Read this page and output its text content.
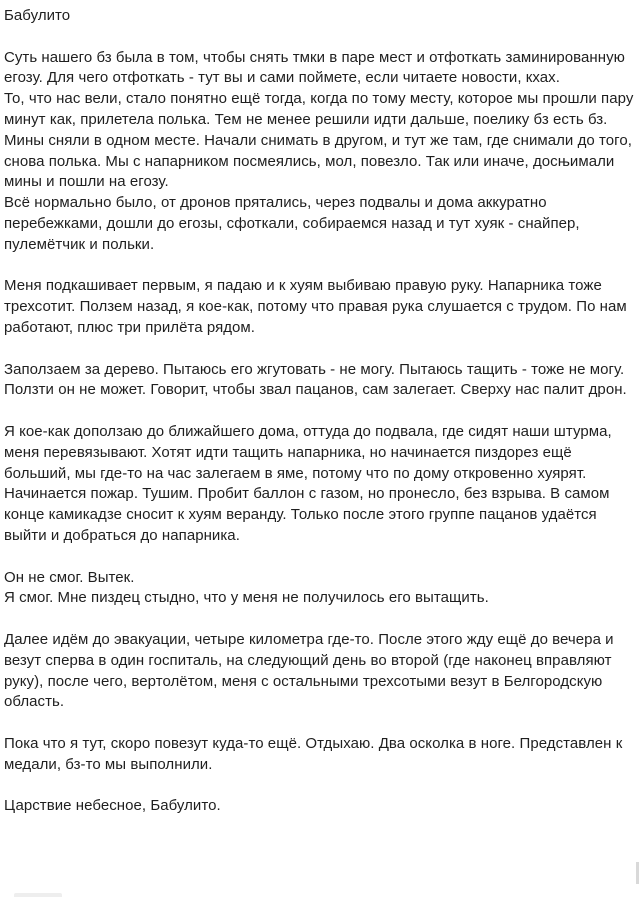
Бабулито

Суть нашего бз была в том, чтобы снять тмки в паре мест и отфоткать заминированную егозу. Для чего отфоткать - тут вы и сами поймете, если читаете новости, кхах.

То, что нас вели, стало понятно ещё тогда, когда по тому месту, которое мы прошли пару минут как, прилетела полька. Тем не менее решили идти дальше, поелику бз есть бз.

Мины сняли в одном месте. Начали снимать в другом, и тут же там, где снимали до того, снова полька. Мы с напарником посмеялись, мол, повезло. Так или иначе, досњимали мины и пошли на егозу.

Всё нормально было, от дронов прятались, через подвалы и дома аккуратно перебежками, дошли до егозы, сфоткали, собираемся назад и тут хуяк - снайпер, пулемётчик и польки.

Меня подкашивает первым, я падаю и к хуям выбиваю правую руку. Напарника тоже трехсотит. Ползем назад, я кое-как, потому что правая рука слушается с трудом. По нам работают, плюс три прилёта рядом.

Заползаем за дерево. Пытаюсь его жгутовать - не могу. Пытаюсь тащить - тоже не могу. Ползти он не может. Говорит, чтобы звал пацанов, сам залегает. Сверху нас палит дрон.

Я кое-как доползаю до ближайшего дома, оттуда до подвала, где сидят наши штурма, меня перевязывают. Хотят идти тащить напарника, но начинается пиздорез ещё больший, мы где-то на час залегаем в яме, потому что по дому откровенно хуярят. Начинается пожар. Тушим. Пробит баллон с газом, но пронесло, без взрыва. В самом конце камикадзе сносит к хуям веранду. Только после этого группе пацанов удаётся выйти и добраться до напарника.

Он не смог. Вытек.

Я смог. Мне пиздец стыдно, что у меня не получилось его вытащить.

Далее идём до эвакуации, четыре километра где-то. После этого жду ещё до вечера и везут сперва в один госпиталь, на следующий день во второй (где наконец вправляют руку), после чего, вертолётом, меня с остальными трехсотыми везут в Белгородскую область.

Пока что я тут, скоро повезут куда-то ещё. Отдыхаю. Два осколка в ноге. Представлен к медали, бз-то мы выполнили.

Царствие небесное, Бабулито.
